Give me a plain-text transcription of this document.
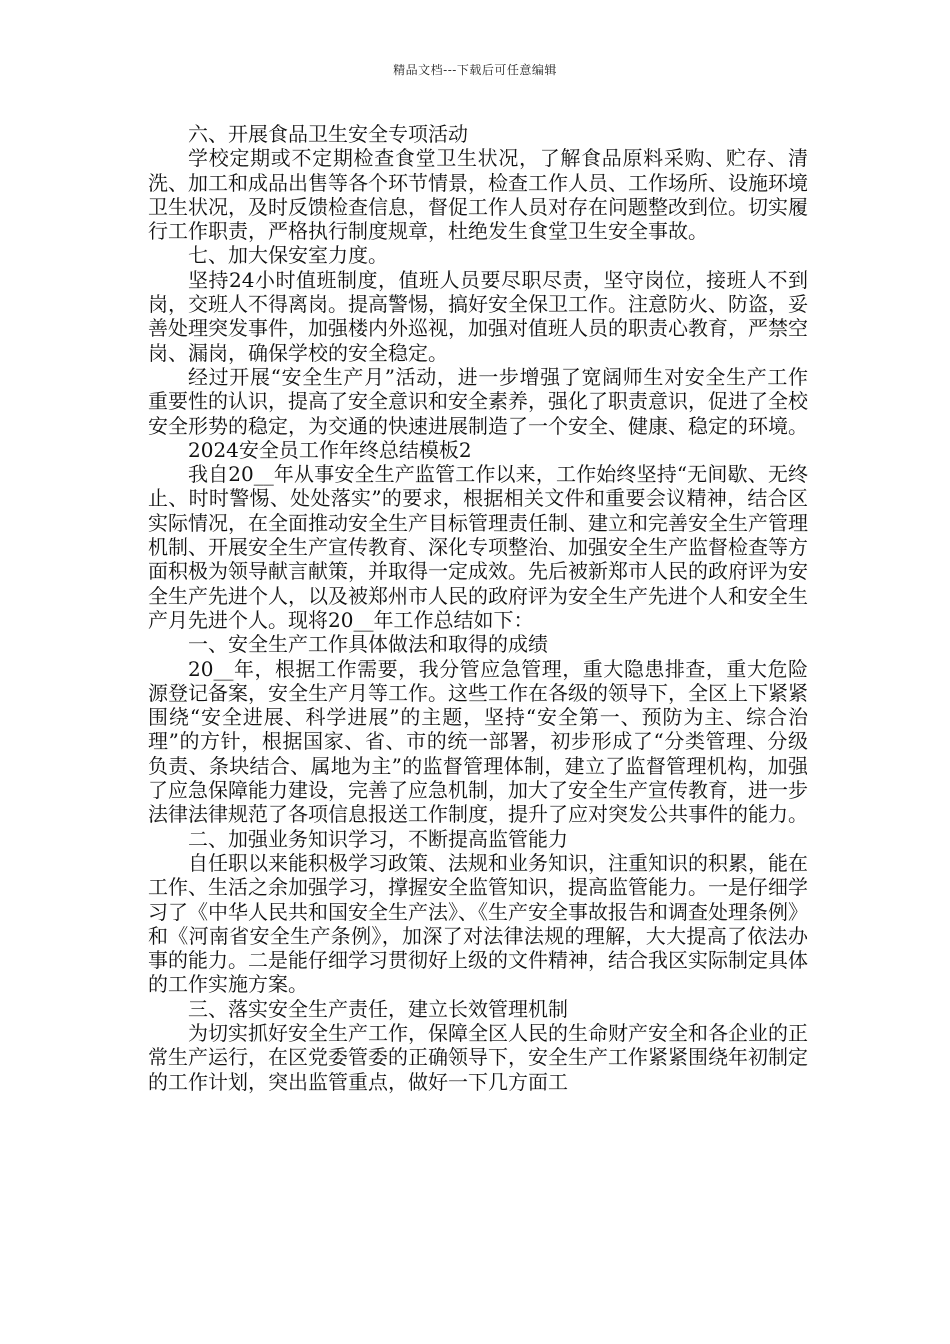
精品文档---下载后可任意编辑

六、开展食品卫生安全专项活动

学校定期或不定期检查食堂卫生状况，了解食品原料采购、贮存、清洗、加工和成品出售等各个环节情景，检查工作人员、工作场所、设施环境卫生状况，及时反馈检查信息，督促工作人员对存在问题整改到位。切实履行工作职责，严格执行制度规章，杜绝发生食堂卫生安全事故。

七、加大保安室力度。

坚持24小时值班制度，值班人员要尽职尽责，坚守岗位，接班人不到岗，交班人不得离岗。提高警惕，搞好安全保卫工作。注意防火、防盗，妥善处理突发事件，加强楼内外巡视，加强对值班人员的职责心教育，严禁空岗、漏岗，确保学校的安全稳定。

经过开展“安全生产月”活动，进一步增强了宽阔师生对安全生产工作重要性的认识，提高了安全意识和安全素养，强化了职责意识，促进了全校安全形势的稳定，为交通的快速进展制造了一个安全、健康、稳定的环境。

2024安全员工作年终总结模板2

我自20__年从事安全生产监管工作以来，工作始终坚持“无间歇、无终止、时时警惕、处处落实”的要求，根据相关文件和重要会议精神，结合区实际情况，在全面推动安全生产目标管理责任制、建立和完善安全生产管理机制、开展安全生产宣传教育、深化专项整治、加强安全生产监督检查等方面积极为领导献言献策，并取得一定成效。先后被新郑市人民的政府评为安全生产先进个人，以及被郑州市人民的政府评为安全生产先进个人和安全生产月先进个人。现将20__年工作总结如下：

一、安全生产工作具体做法和取得的成绩

20__年，根据工作需要，我分管应急管理，重大隐患排查，重大危险源登记备案，安全生产月等工作。这些工作在各级的领导下，全区上下紧紧围绕“安全进展、科学进展”的主题，坚持“安全第一、预防为主、综合治理”的方针，根据国家、省、市的统一部署，初步形成了“分类管理、分级负责、条块结合、属地为主”的监督管理体制，建立了监督管理机构，加强了应急保障能力建设，完善了应急机制，加大了安全生产宣传教育，进一步法律法律规范了各项信息报送工作制度，提升了应对突发公共事件的能力。

二、加强业务知识学习，不断提高监管能力

自任职以来能积极学习政策、法规和业务知识，注重知识的积累，能在工作、生活之余加强学习，撑握安全监管知识，提高监管能力。一是仔细学习了《中华人民共和国安全生产法》、《生产安全事故报告和调查处理条例》和《河南省安全生产条例》，加深了对法律法规的理解，大大提高了依法办事的能力。二是能仔细学习贯彻好上级的文件精神，结合我区实际制定具体的工作实施方案。

三、落实安全生产责任，建立长效管理机制

为切实抓好安全生产工作，保障全区人民的生命财产安全和各企业的正常生产运行，在区党委管委的正确领导下，安全生产工作紧紧围绕年初制定的工作计划，突出监管重点，做好一下几方面工
